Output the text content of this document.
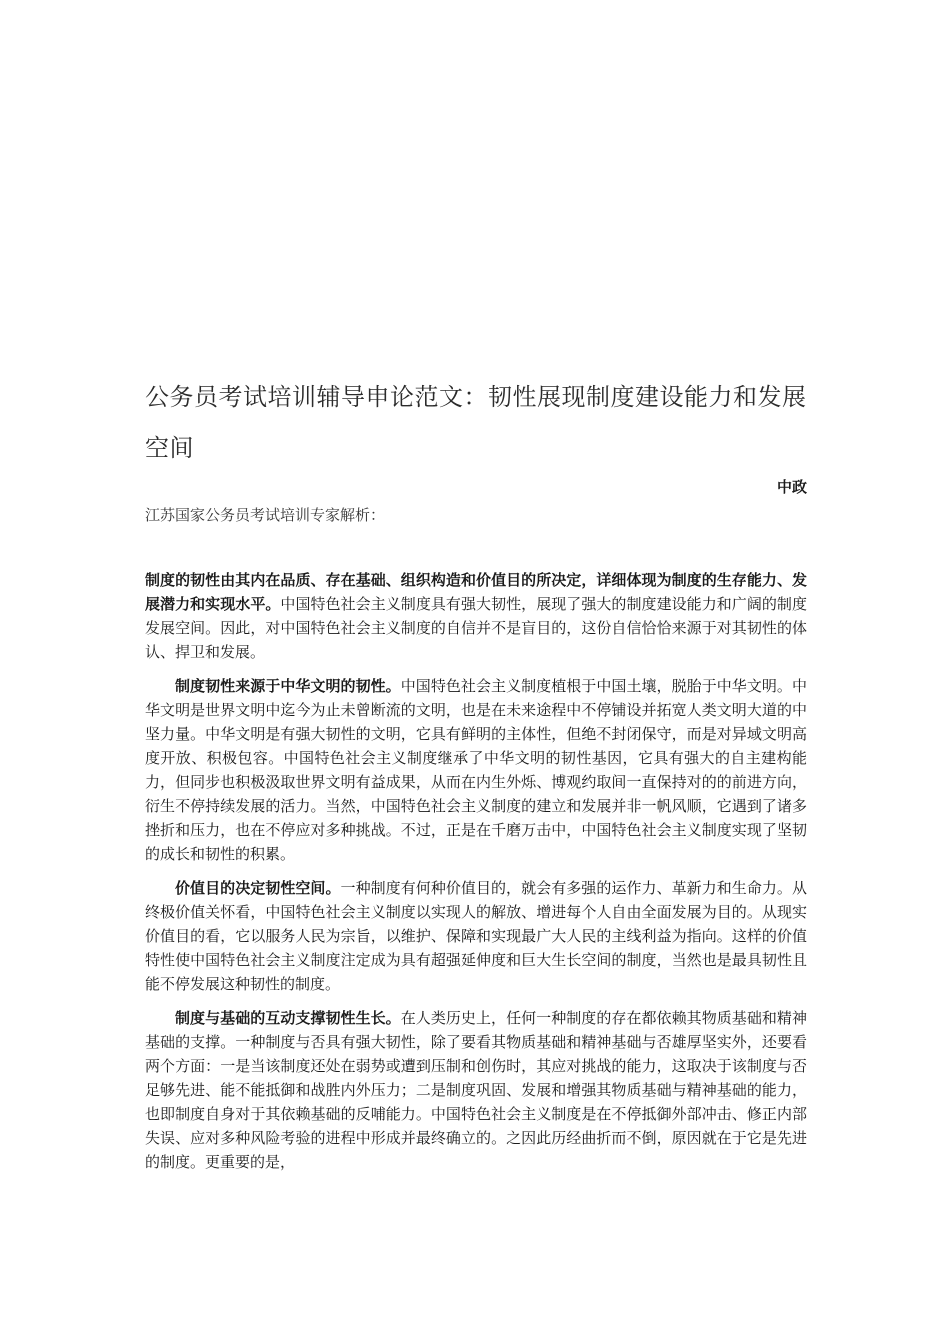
公务员考试培训辅导申论范文：韧性展现制度建设能力和发展空间
中政
江苏国家公务员考试培训专家解析：

制度的韧性由其内在品质、存在基础、组织构造和价值目的所决定，详细体现为制度的生存能力、发展潜力和实现水平。中国特色社会主义制度具有强大韧性，展现了强大的制度建设能力和广阔的制度发展空间。因此，对中国特色社会主义制度的自信并不是盲目的，这份自信恰恰来源于对其韧性的体认、捍卫和发展。

制度韧性来源于中华文明的韧性。中国特色社会主义制度植根于中国土壤，脱胎于中华文明。中华文明是世界文明中迄今为止未曾断流的文明，也是在未来途程中不停铺设并拓宽人类文明大道的中坚力量。中华文明是有强大韧性的文明，它具有鲜明的主体性，但绝不封闭保守，而是对异域文明高度开放、积极包容。中国特色社会主义制度继承了中华文明的韧性基因，它具有强大的自主建构能力，但同步也积极汲取世界文明有益成果，从而在内生外烁、博观约取间一直保持对的的前进方向，衍生不停持续发展的活力。当然，中国特色社会主义制度的建立和发展并非一帆风顺，它遇到了诸多挫折和压力，也在不停应对多种挑战。不过，正是在千磨万击中，中国特色社会主义制度实现了坚韧的成长和韧性的积累。

价值目的决定韧性空间。一种制度有何种价值目的，就会有多强的运作力、革新力和生命力。从终极价值关怀看，中国特色社会主义制度以实现人的解放、增进每个人自由全面发展为目的。从现实价值目的看，它以服务人民为宗旨，以维护、保障和实现最广大人民的主线利益为指向。这样的价值特性使中国特色社会主义制度注定成为具有超强延伸度和巨大生长空间的制度，当然也是最具韧性且能不停发展这种韧性的制度。

制度与基础的互动支撑韧性生长。在人类历史上，任何一种制度的存在都依赖其物质基础和精神基础的支撑。一种制度与否具有强大韧性，除了要看其物质基础和精神基础与否雄厚坚实外，还要看两个方面：一是当该制度还处在弱势或遭到压制和创伤时，其应对挑战的能力，这取决于该制度与否足够先进、能不能抵御和战胜内外压力；二是制度巩固、发展和增强其物质基础与精神基础的能力，也即制度自身对于其依赖基础的反哺能力。中国特色社会主义制度是在不停抵御外部冲击、修正内部失误、应对多种风险考验的进程中形成并最终确立的。之因此历经曲折而不倒，原因就在于它是先进的制度。更重要的是，
